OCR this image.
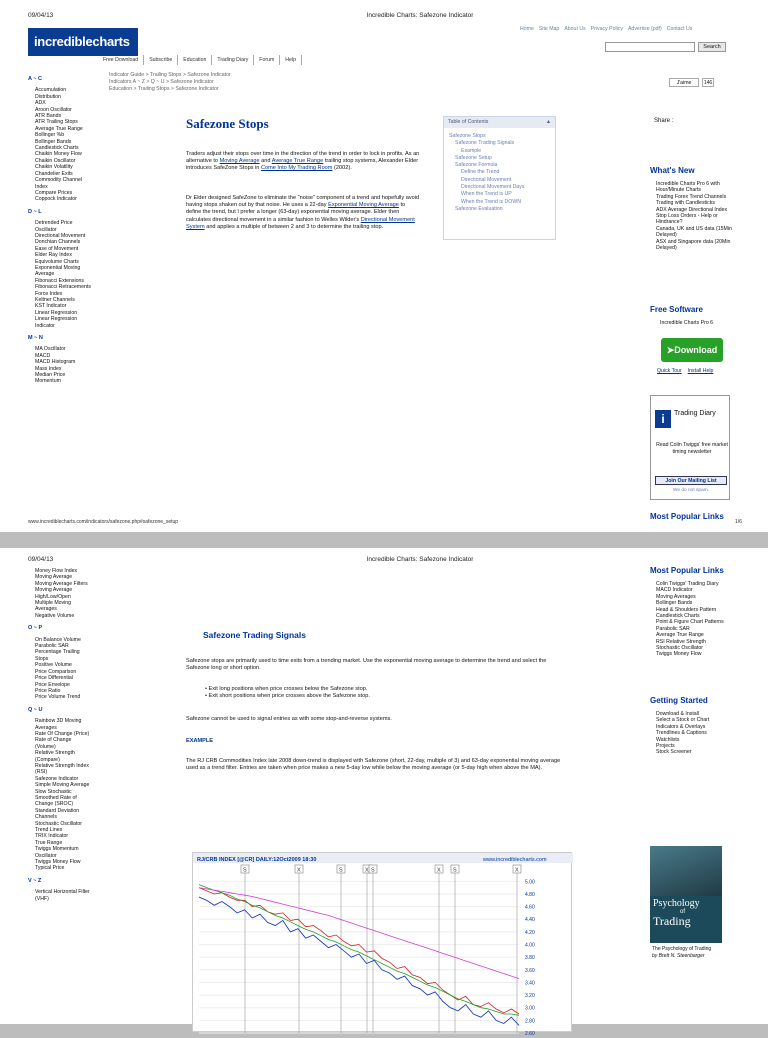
09/04/13	Incredible Charts: Safezone Indicator
Home Site Map About Us Privacy Policy Advertise (pdf) Contact Us
Search
incrediblecharts
Free Download	Subscribe	Education	Trading Diary	Forum	Help
Indicator Guide > Trailing Stops > Safezone Indicator
Indicators A ~ Z > Q ~ U > Safezone Indicator
Education > Trailing Stops > Safezone Indicator
J'aime	146
Share :
A ~ C
Accumulation Distribution
ADX
Aroon Oscillator
ATR Bands
ATR Trailing Stops
Average True Range
Bollinger %b
Bollinger Bands
Candlestick Charts
Chaikin Money Flow
Chaikin Oscillator
Chaikin Volatility
Chandelier Exits
Commodity Channel Index
Compare Prices
Coppock Indicator
D ~ L
Detrended Price Oscillator
Directional Movement
Donchian Channels
Ease of Movement
Elder Ray Index
Equivolume Charts
Exponential Moving Average
Fibonacci Extensions
Fibonacci Retracements
Force Index
Keltner Channels
KST Indicator
Linear Regression
Linear Regression Indicator
M ~ N
MA Oscillator
MACD
MACD Histogram
Mass Index
Median Price
Momentum
Safezone Stops
Traders adjust their stops over time in the direction of the trend in order to lock in profits. As an alternative to Moving Average and Average True Range trailing stop systems, Alexander Elder introduces SafeZone Stops in Come Into My Trading Room (2002).
Dr Elder designed SafeZone to eliminate the "noise" component of a trend and hopefully avoid having stops shaken out by that noise. He uses a 22-day Exponential Moving Average to define the trend, but I prefer a longer (63-day) exponential moving average. Elder then calculates directional movement in a similar fashion to Welles Wilder's Directional Movement System and applies a multiple of between 2 and 3 to determine the trailing stop.
Table of Contents	▲
Safezone Stops
Safezone Trading Signals
Example
Safezone Setup
Safezone Formula
Define the Trend
Directional Movement
Directional Movement Days
When the Trend is UP
When the Trend is DOWN
Safezone Evaluation
What's New
Incredible Charts Pro 6 with Hour/Minute Charts
Trading Forex Trend Channels
Trading with Candlesticks
ADX Average Directional Index
Stop Loss Orders - Help or Hindrance?
Canada, UK and US data (15Min Delayed)
ASX and Singapore data (20Min Delayed)
Free Software
Incredible Charts Pro 6
➤Download
Quick Tour Install Help
i	Trading Diary
Read Colin Twiggs' free market timing newsletter
Join Our Mailing List
We do not spam.
Most Popular Links
www.incrediblecharts.com/indicators/safezone.php#safezone_setup	1/6
09/04/13	Incredible Charts: Safezone Indicator
Money Flow Index
Moving Average
Moving Average Filters
Moving Average High/Low/Open
Multiple Moving Averages
Negative Volume
O ~ P
On Balance Volume
Parabolic SAR
Percentage Trailing Stops
Positive Volume
Price Comparison
Price Differential
Price Envelope
Price Ratio
Price Volume Trend
Q ~ U
Rainbow 3D Moving Averages
Rate Of Change (Price)
Rate of Change (Volume)
Relative Strength (Compare)
Relative Strength Index (RSI)
Safezone Indicator
Simple Moving Average
Slow Stochastic
Smoothed Rate of Change (SROC)
Standard Deviation Channels
Stochastic Oscillator
Trend Lines
TRIX Indicator
True Range
Twiggs Momentum Oscillator
Twiggs Money Flow
Typical Price
V ~ Z
Vertical Horizontal Filter (VHF)
Safezone Trading Signals
Safezone stops are primarily used to time exits from a trending market. Use the exponential moving average to determine the trend and select the Safezone long or short option.
• Exit long positions when price crosses below the Safezone stop.
• Exit short positions when price crosses above the Safezone stop.
Safezone cannot be used to signal entries as with some stop-and-reverse systems.
EXAMPLE
The RJ CRB Commodities Index late 2008 down-trend is displayed with Safezone (short, 22-day, multiple of 3) and 63-day exponential moving average used as a trend filter. Entries are taken when price makes a new 5-day low while below the moving average (or 5-day high when above the MA).
RJ/CRB INDEX [@CR] DAILY:12Oct2009 18:30	www.incrediblecharts.com
5.00
4.80
4.60
4.40
4.20
4.00
3.80
3.60
3.40
3.20
3.00
2.80
2.60
S	X	S	X S	X S	X
Most Popular Links
Colin Twiggs' Trading Diary
MACD Indicator
Moving Averages
Bollinger Bands
Head & Shoulders Pattern
Candlestick Charts
Point & Figure Chart Patterns
Parabolic SAR
Average True Range
RSI Relative Strength
Stochastic Oscillator
Twiggs Money Flow
Getting Started
Download & Install
Select a Stock or Chart
Indicators & Overlays
Trendlines & Captions
Watchlists
Projects
Stock Screener
Psychology
of
Trading
The Psychology of Trading
by Brett N. Steenbarger
